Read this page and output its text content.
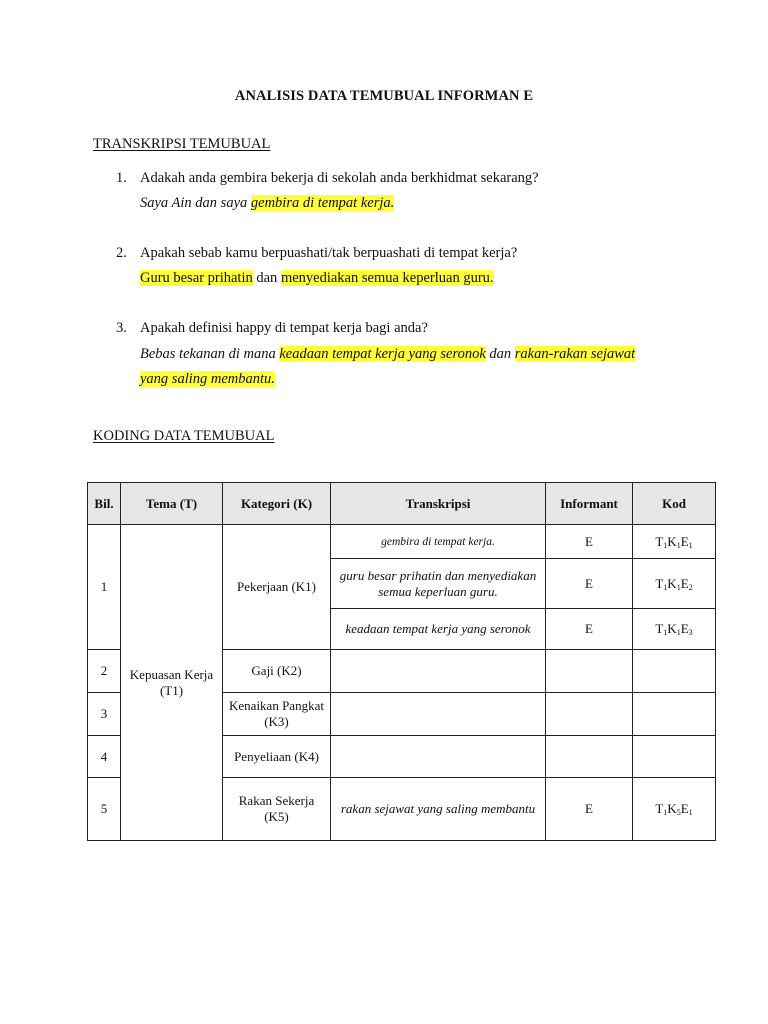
ANALISIS DATA TEMUBUAL INFORMAN E
TRANSKRIPSI TEMUBUAL
1. Adakah anda gembira bekerja di sekolah anda berkhidmat sekarang?
Saya Ain dan saya gembira di tempat kerja.
2. Apakah sebab kamu berpuashati/tak berpuashati di tempat kerja?
Guru besar prihatin dan menyediakan semua keperluan guru.
3. Apakah definisi happy di tempat kerja bagi anda?
Bebas tekanan di mana keadaan tempat kerja yang seronok dan rakan-rakan sejawat
yang saling membantu.
KODING DATA TEMUBUAL
Bil.	Tema (T)	Kategori (K)	Transkripsi	Informant	Kod
1	Kepuasan Kerja (T1)	Pekerjaan (K1)	gembira di tempat kerja.	E	$T_1K_1E_1$
			guru besar prihatin dan menyediakan semua keperluan guru.	E	$T_1K_1E_2$
			keadaan tempat kerja yang seronok	E	$T_1K_1E_3$
2		Gaji (K2)			
3		Kenaikan Pangkat (K3)			
4		Penyeliaan (K4)			
5		Rakan Sekerja (K5)	rakan sejawat yang saling membantu	E	$T_1K_5E_1$
